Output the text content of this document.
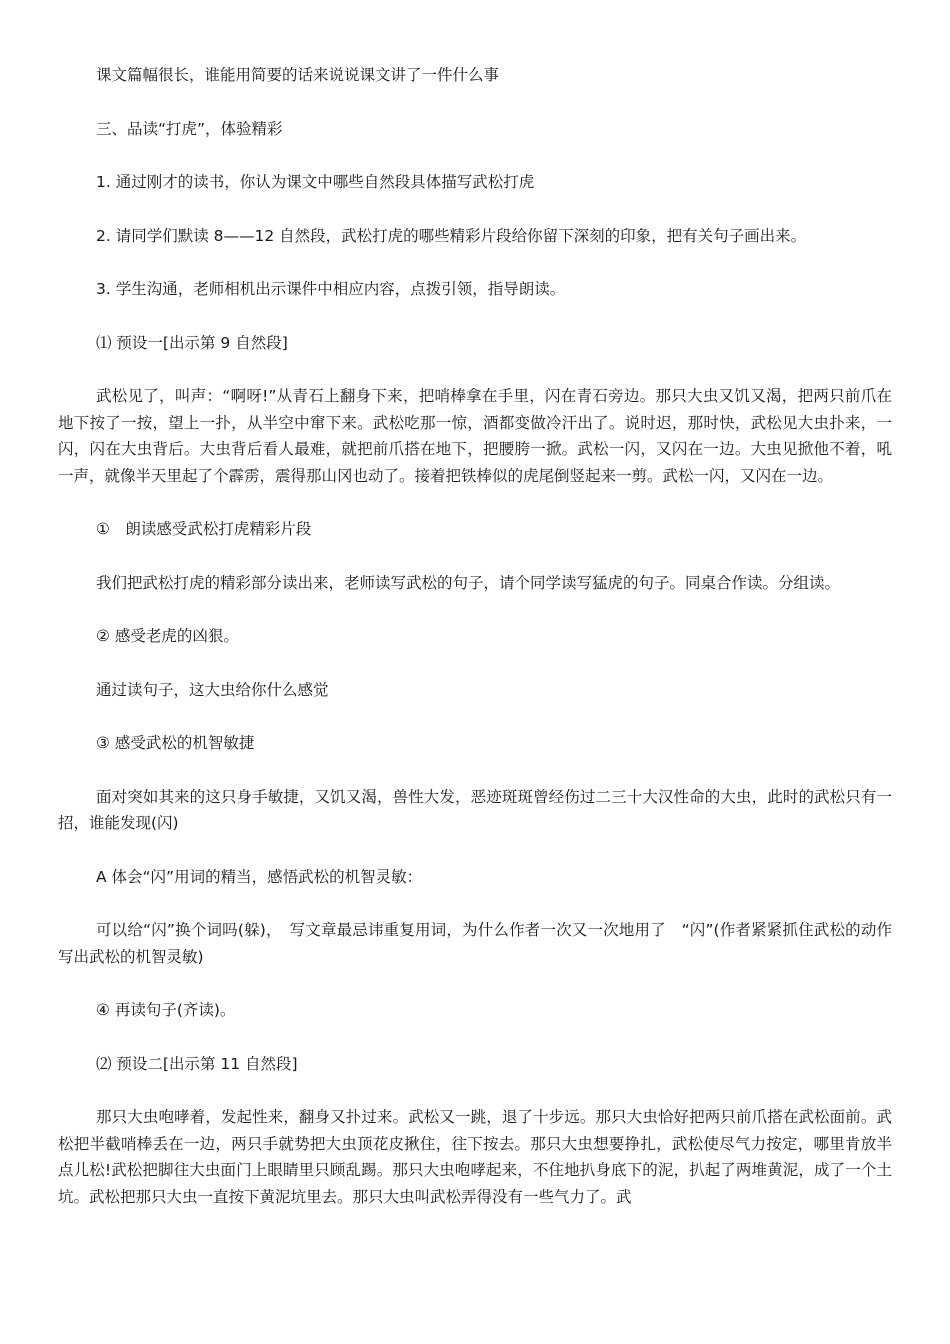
课文篇幅很长，谁能用简要的话来说说课文讲了一件什么事

三、品读“打虎”，体验精彩

1. 通过刚才的读书，你认为课文中哪些自然段具体描写武松打虎

2. 请同学们默读 8——12 自然段，武松打虎的哪些精彩片段给你留下深刻的印象，把有关句子画出来。

3. 学生沟通，老师相机出示课件中相应内容，点拨引领，指导朗读。

⑴ 预设一[出示第 9 自然段]

武松见了，叫声：“啊呀!”从青石上翻身下来，把哨棒拿在手里，闪在青石旁边。那只大虫又饥又渴，把两只前爪在地下按了一按，望上一扑，从半空中窜下来。武松吃那一惊，酒都变做冷汗出了。说时迟，那时快，武松见大虫扑来，一闪，闪在大虫背后。大虫背后看人最难，就把前爪搭在地下，把腰胯一掀。武松一闪，又闪在一边。大虫见掀他不着，吼一声，就像半天里起了个霹雳，震得那山冈也动了。接着把铁棒似的虎尾倒竖起来一剪。武松一闪，又闪在一边。

①　朗读感受武松打虎精彩片段

我们把武松打虎的精彩部分读出来，老师读写武松的句子，请个同学读写猛虎的句子。同桌合作读。分组读。

② 感受老虎的凶狠。

通过读句子，这大虫给你什么感觉

③ 感受武松的机智敏捷

面对突如其来的这只身手敏捷，又饥又渴，兽性大发，恶迹斑斑曾经伤过二三十大汉性命的大虫，此时的武松只有一招，谁能发现(闪)

A 体会“闪”用词的精当，感悟武松的机智灵敏：

可以给“闪”换个词吗(躲)，　写文章最忌讳重复用词，为什么作者一次又一次地用了　“闪”(作者紧紧抓住武松的动作写出武松的机智灵敏)

④ 再读句子(齐读)。

⑵ 预设二[出示第 11 自然段]

那只大虫咆哮着，发起性来，翻身又扑过来。武松又一跳，退了十步远。那只大虫恰好把两只前爪搭在武松面前。武松把半截哨棒丢在一边，两只手就势把大虫顶花皮揪住，往下按去。那只大虫想要挣扎，武松使尽气力按定，哪里肯放半点儿松!武松把脚往大虫面门上眼睛里只顾乱踢。那只大虫咆哮起来，不住地扒身底下的泥，扒起了两堆黄泥，成了一个土坑。武松把那只大虫一直按下黄泥坑里去。那只大虫叫武松弄得没有一些气力了。武
